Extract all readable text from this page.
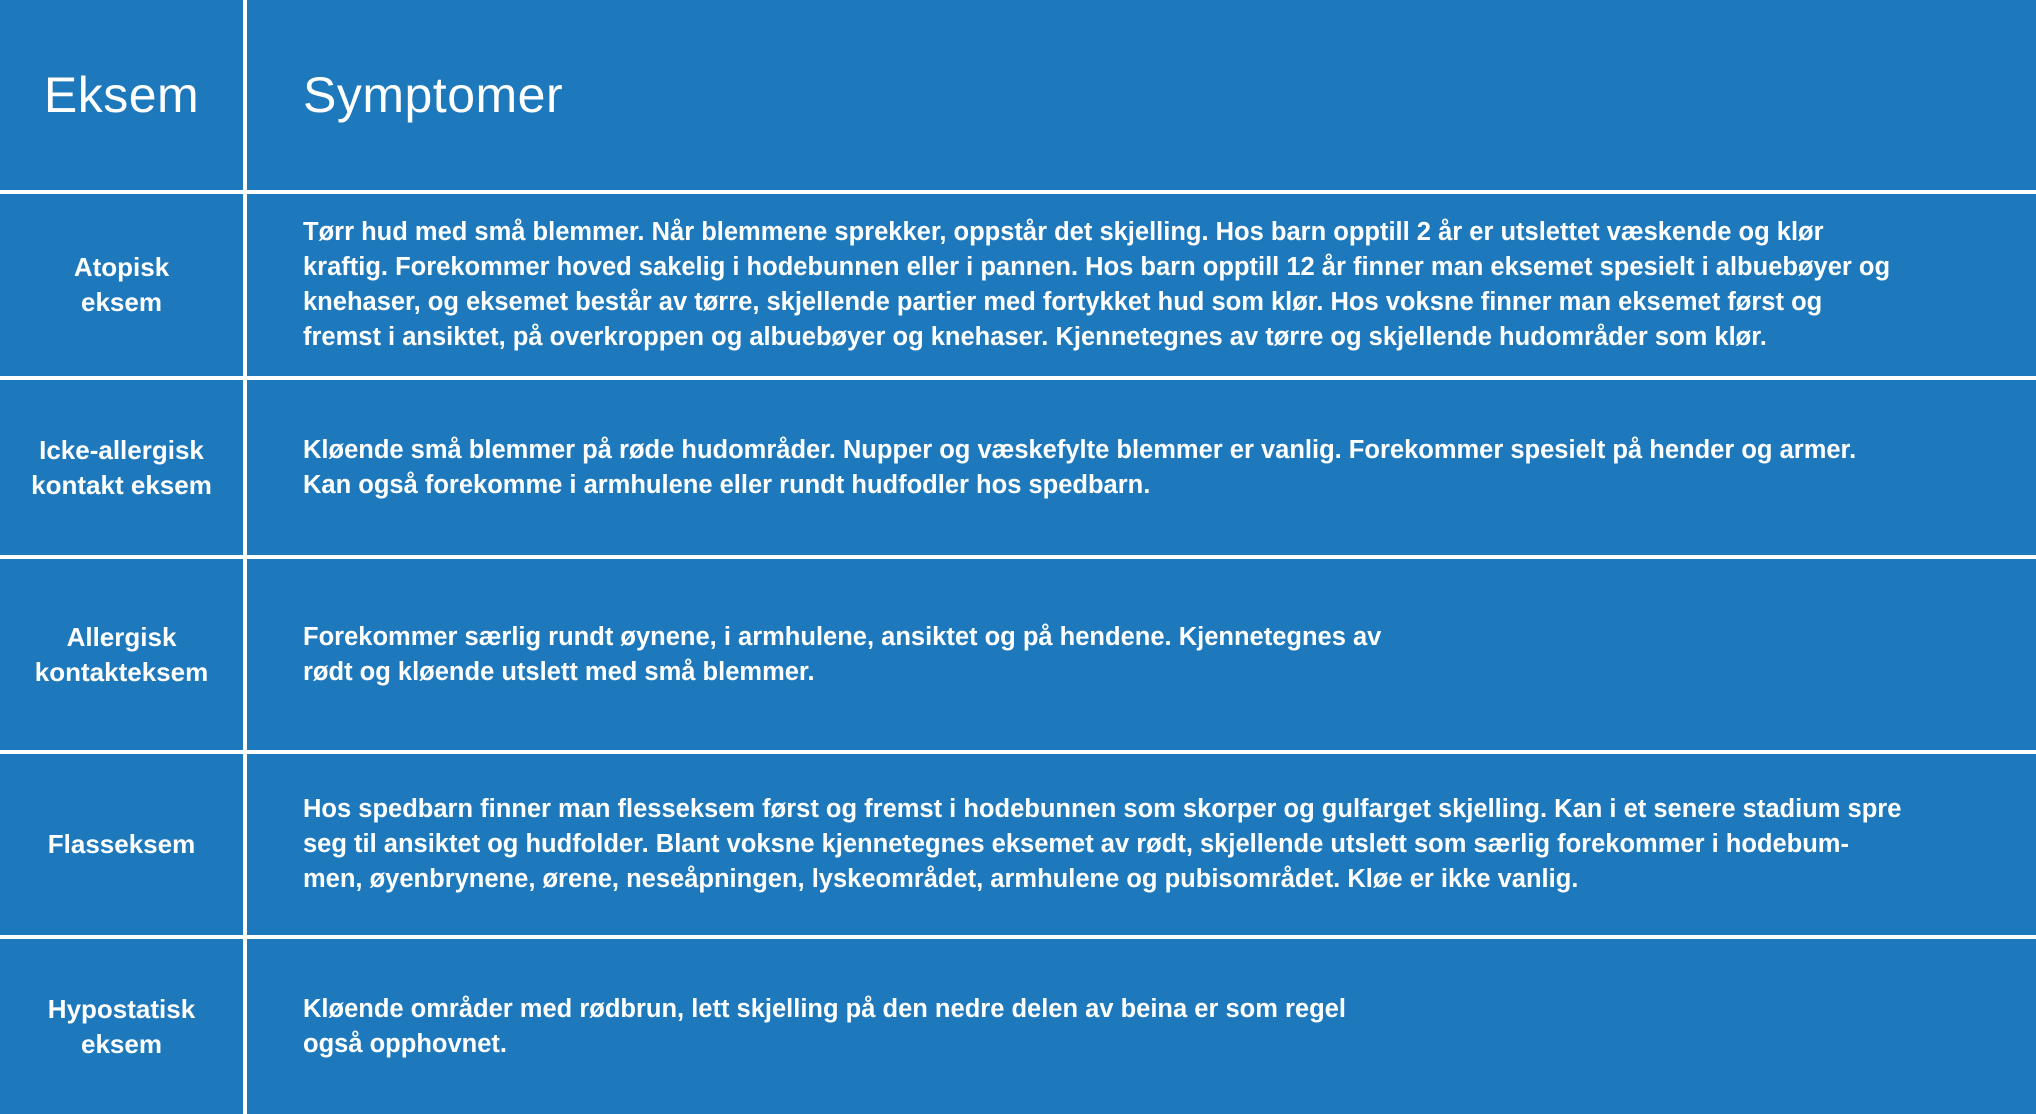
Eksem Symptomer
Atopisk
eksem
Tørr hud med små blemmer. Når blemmene sprekker, oppstår det skjelling. Hos barn opptill 2 år er utslettet væskende og klør
kraftig. Forekommer hoved sakelig i hodebunnen eller i pannen. Hos barn opptill 12 år finner man eksemet spesielt i albuebøyer og
knehaser, og eksemet består av tørre, skjellende partier med fortykket hud som klør. Hos voksne finner man eksemet først og
fremst i ansiktet, på overkroppen og albuebøyer og knehaser. Kjennetegnes av tørre og skjellende hudområder som klør.
Icke-allergisk
kontakt eksem
Kløende små blemmer på røde hudområder. Nupper og væskefylte blemmer er vanlig. Forekommer spesielt på hender og armer.
Kan også forekomme i armhulene eller rundt hudfodler hos spedbarn.
Allergisk
kontakteksem
Forekommer særlig rundt øynene, i armhulene, ansiktet og på hendene. Kjennetegnes av
rødt og kløende utslett med små blemmer.
Flasseksem
Hos spedbarn finner man flesseksem først og fremst i hodebunnen som skorper og gulfarget skjelling. Kan i et senere stadium spre
seg til ansiktet og hudfolder. Blant voksne kjennetegnes eksemet av rødt, skjellende utslett som særlig forekommer i hodebum-
men, øyenbrynene, ørene, neseåpningen, lyskeområdet, armhulene og pubisområdet. Kløe er ikke vanlig.
Hypostatisk
eksem
Kløende områder med rødbrun, lett skjelling på den nedre delen av beina er som regel
også opphovnet.
